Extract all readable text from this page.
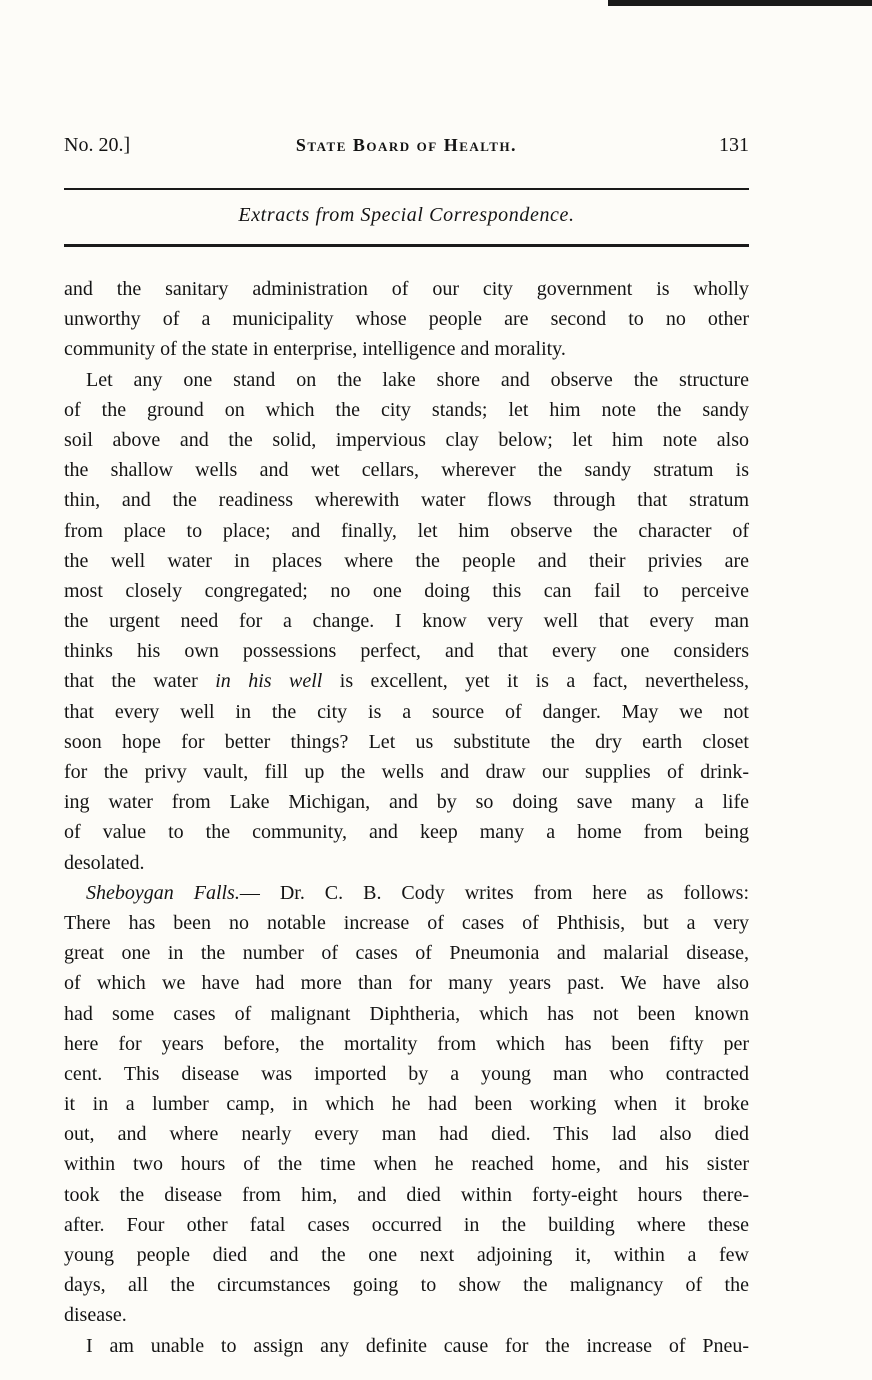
No. 20.]	State Board of Health.	131
Extracts from Special Correspondence.

and the sanitary administration of our city government is wholly
unworthy of a municipality whose people are second to no other
community of the state in enterprise, intelligence and morality.

Let any one stand on the lake shore and observe the structure
of the ground on which the city stands; let him note the sandy
soil above and the solid, impervious clay below; let him note also
the shallow wells and wet cellars, wherever the sandy stratum is
thin, and the readiness wherewith water flows through that stratum
from place to place; and finally, let him observe the character of
the well water in places where the people and their privies are
most closely congregated; no one doing this can fail to perceive
the urgent need for a change. I know very well that every man
thinks his own possessions perfect, and that every one considers
that the water in his well is excellent, yet it is a fact, nevertheless,
that every well in the city is a source of danger. May we not
soon hope for better things? Let us substitute the dry earth closet
for the privy vault, fill up the wells and draw our supplies of drink-
ing water from Lake Michigan, and by so doing save many a life
of value to the community, and keep many a home from being
desolated.

Sheboygan Falls.— Dr. C. B. Cody writes from here as follows:
There has been no notable increase of cases of Phthisis, but a very
great one in the number of cases of Pneumonia and malarial disease,
of which we have had more than for many years past. We have also
had some cases of malignant Diphtheria, which has not been known
here for years before, the mortality from which has been fifty per
cent. This disease was imported by a young man who contracted
it in a lumber camp, in which he had been working when it broke
out, and where nearly every man had died. This lad also died
within two hours of the time when he reached home, and his sister
took the disease from him, and died within forty-eight hours there-
after. Four other fatal cases occurred in the building where these
young people died and the one next adjoining it, within a few
days, all the circumstances going to show the malignancy of the
disease.

I am unable to assign any definite cause for the increase of Pneu-
